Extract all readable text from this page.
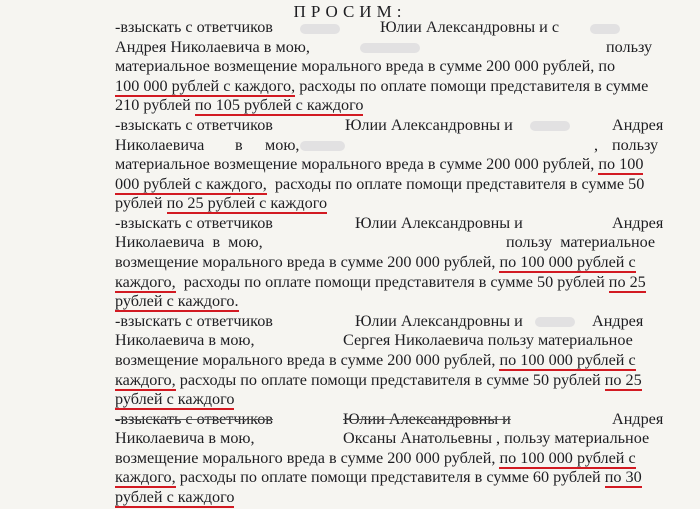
ПРОСИМ:
-взыскать с ответчиков	Юлии Александровны и с
Андрея Николаевича в мою,	пользу
материальное возмещение морального вреда в сумме 200 000 рублей, по
100 000 рублей с каждого, расходы по оплате помощи представителя в сумме
210 рублей по 105 рублей с каждого
-взыскать с ответчиков	Юлии Александровны и	Андрея
Николаевича в мою,	, пользу
материальное возмещение морального вреда в сумме 200 000 рублей, по 100
000 рублей с каждого,  расходы по оплате помощи представителя в сумме 50
рублей по 25 рублей с каждого
-взыскать с ответчиков	Юлии Александровны и	Андрея
Николаевича  в  мою,	пользу  материальное
возмещение морального вреда в сумме 200 000 рублей, по 100 000 рублей с
каждого,  расходы по оплате помощи представителя в сумме 50 рублей по 25
рублей с каждого.
-взыскать с ответчиков	Юлии Александровны и	Андрея
Николаевича в мою,	Сергея Николаевича пользу материальное
возмещение морального вреда в сумме 200 000 рублей, по 100 000 рублей с
каждого, расходы по оплате помощи представителя в сумме 50 рублей по 25
рублей с каждого
-взыскать с ответчиков	Юлии Александровны и	Андрея
Николаевича в мою,	Оксаны Анатольевны , пользу материальное
возмещение морального вреда в сумме 200 000 рублей, по 100 000 рублей с
каждого, расходы по оплате помощи представителя в сумме 60 рублей по 30
рублей с каждого
